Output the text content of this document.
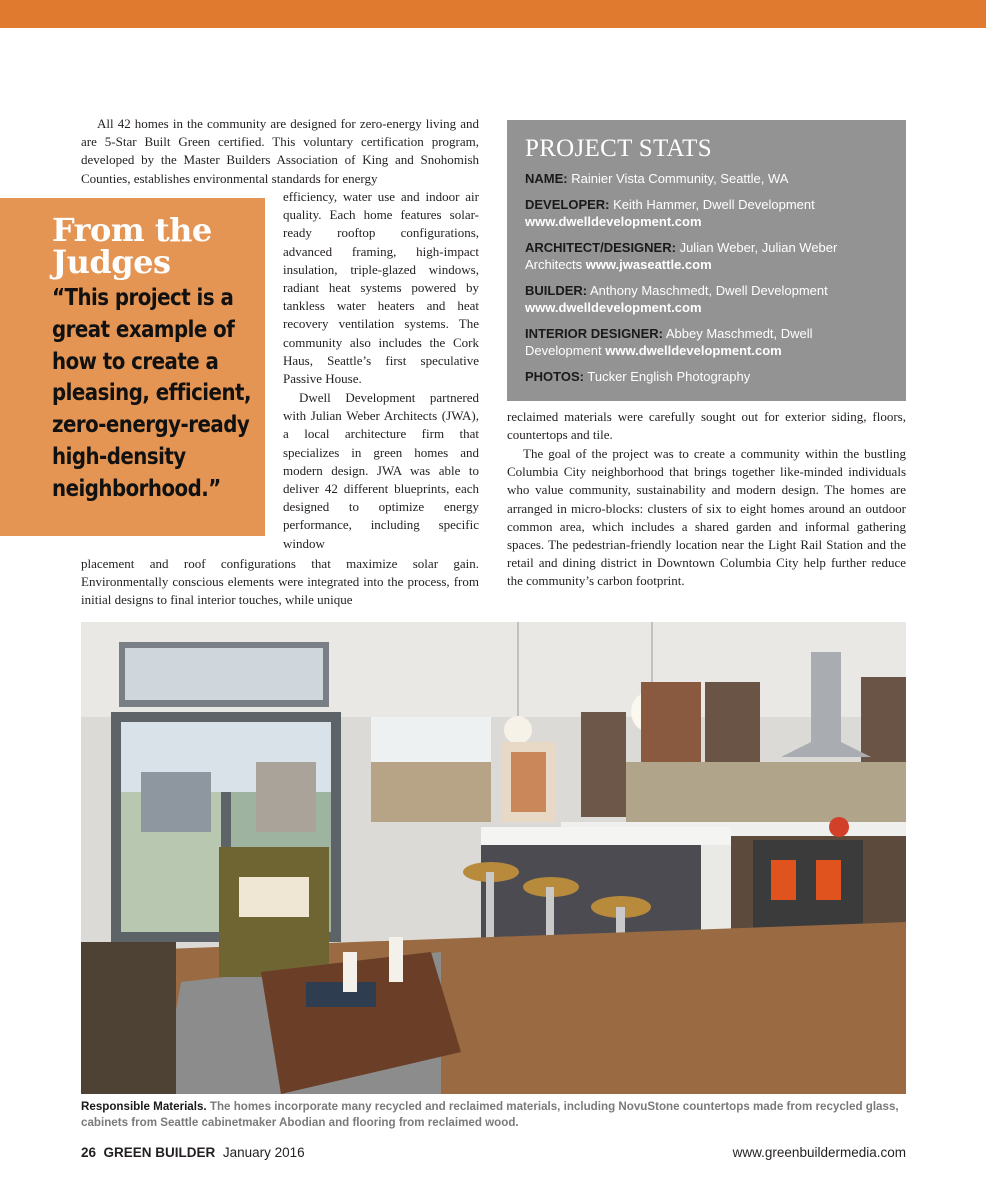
All 42 homes in the community are designed for zero-energy living and are 5-Star Built Green certified. This voluntary certification program, developed by the Master Builders Association of King and Snohomish Counties, establishes environmental standards for energy

efficiency, water use and indoor air quality. Each home features solar-ready rooftop configurations, advanced framing, high-impact insulation, triple-glazed windows, radiant heat systems powered by tankless water heaters and heat recovery ventilation systems. The community also includes the Cork Haus, Seattle’s first speculative Passive House.

Dwell Development partnered with Julian Weber Architects (JWA), a local architecture firm that specializes in green homes and modern design. JWA was able to deliver 42 different blueprints, each designed to optimize energy performance, including specific window

placement and roof configurations that maximize solar gain. Environmentally conscious elements were integrated into the process, from initial designs to final interior touches, while unique

reclaimed materials were carefully sought out for exterior siding, floors, countertops and tile.

The goal of the project was to create a community within the bustling Columbia City neighborhood that brings together like-minded individuals who value community, sustainability and modern design. The homes are arranged in micro-blocks: clusters of six to eight homes around an outdoor common area, which includes a shared garden and informal gathering spaces. The pedestrian-friendly location near the Light Rail Station and the retail and dining district in Downtown Columbia City help further reduce the community’s carbon footprint.

From the Judges
“This project is a great example of how to create a pleasing, efficient, zero-energy-ready high-density neighborhood.”
PROJECT STATS
NAME: Rainier Vista Community, Seattle, WA
DEVELOPER: Keith Hammer, Dwell Development
www.dwelldevelopment.com
ARCHITECT/DESIGNER: Julian Weber, Julian Weber Architects www.jwaseattle.com
BUILDER: Anthony Maschmedt, Dwell Development
www.dwelldevelopment.com
INTERIOR DESIGNER: Abbey Maschmedt, Dwell Development www.dwelldevelopment.com
PHOTOS: Tucker English Photography

Responsible Materials. The homes incorporate many recycled and reclaimed materials, including NovuStone countertops made from recycled glass, cabinets from Seattle cabinetmaker Abodian and flooring from reclaimed wood.

26 GREEN BUILDER January 2016	www.greenbuildermedia.com
